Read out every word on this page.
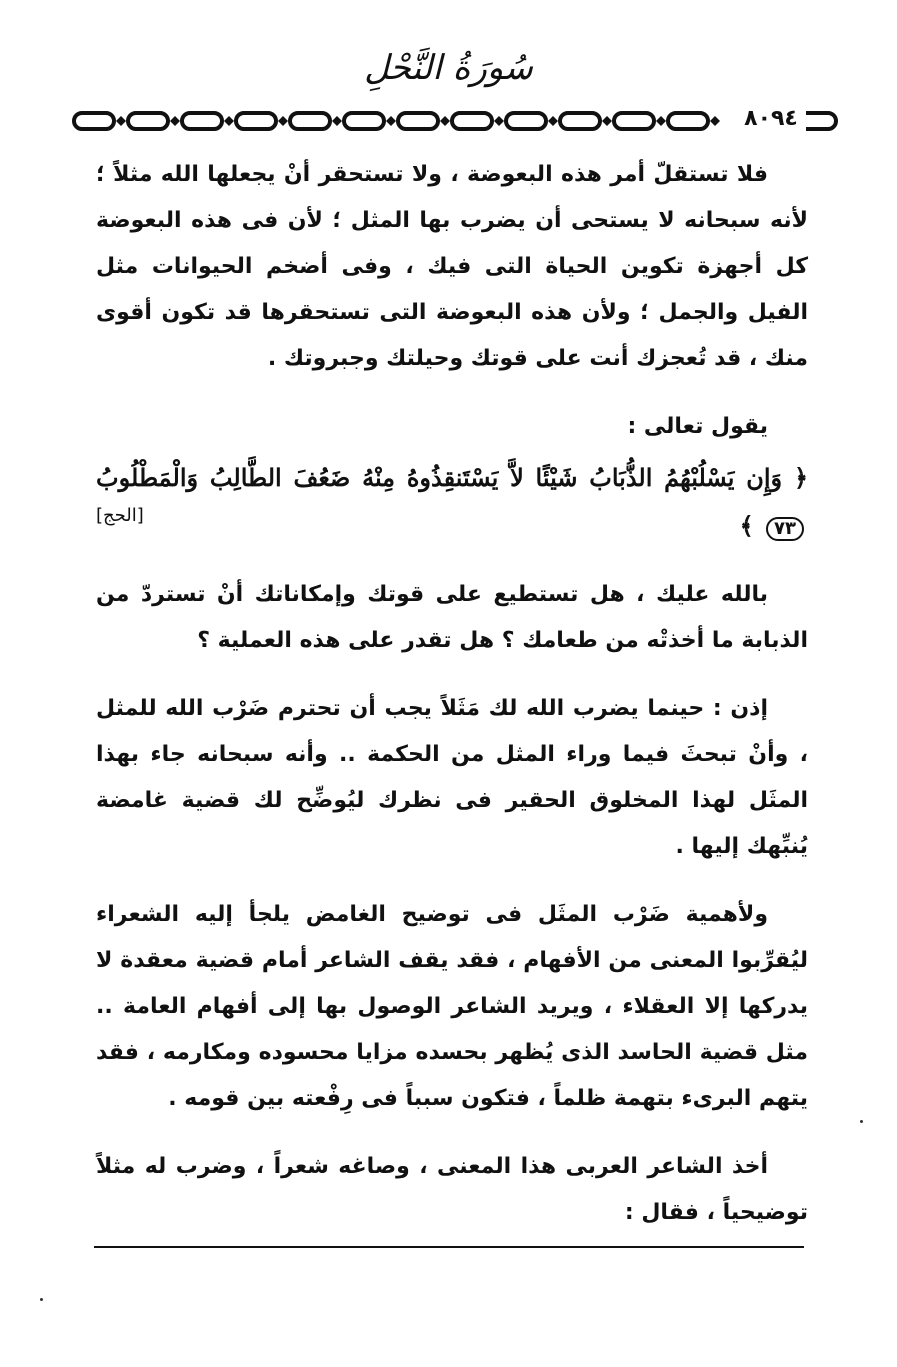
سُورَةُ النَّحْلِ
٨٠٩٤

فلا تستقلّ أمر هذه البعوضة ، ولا تستحقر أنْ يجعلها الله مثلاً ؛ لأنه سبحانه لا يستحى أن يضرب بها المثل ؛ لأن فى هذه البعوضة كل أجهزة تكوين الحياة التى فيك ، وفى أضخم الحيوانات مثل الفيل والجمل ؛ ولأن هذه البعوضة التى تستحقرها قد تكون أقوى منك ، قد تُعجزك أنت على قوتك وحيلتك وجبروتك .

يقول تعالى :

﴿ وَإِن يَسْلُبْهُمُ الذُّبَابُ شَيْئًا لاَّ يَسْتَنقِذُوهُ مِنْهُ ضَعُفَ الطَّالِبُ وَالْمَطْلُوبُ ٧٣ ﴾
[الحج]

بالله عليك ، هل تستطيع على قوتك وإمكاناتك أنْ تستردّ من الذبابة ما أخذتْه من طعامك ؟ هل تقدر على هذه العملية ؟

إذن : حينما يضرب الله لك مَثَلاً يجب أن تحترم ضَرْب الله للمثل ، وأنْ تبحثَ فيما وراء المثل من الحكمة .. وأنه سبحانه جاء بهذا المثَل لهذا المخلوق الحقير فى نظرك ليُوضِّح لك قضية غامضة يُنبِّهك إليها .

ولأهمية ضَرْب المثَل فى توضيح الغامض يلجأ إليه الشعراء ليُقرِّبوا المعنى من الأفهام ، فقد يقف الشاعر أمام قضية معقدة لا يدركها إلا العقلاء ، ويريد الشاعر الوصول بها إلى أفهام العامة .. مثل قضية الحاسد الذى يُظهر بحسده مزايا محسوده ومكارمه ، فقد يتهم البرىء بتهمة ظلماً ، فتكون سبباً فى رِفْعته بين قومه .

أخذ الشاعر العربى هذا المعنى ، وصاغه شعراً ، وضرب له مثلاً توضيحياً ، فقال :
